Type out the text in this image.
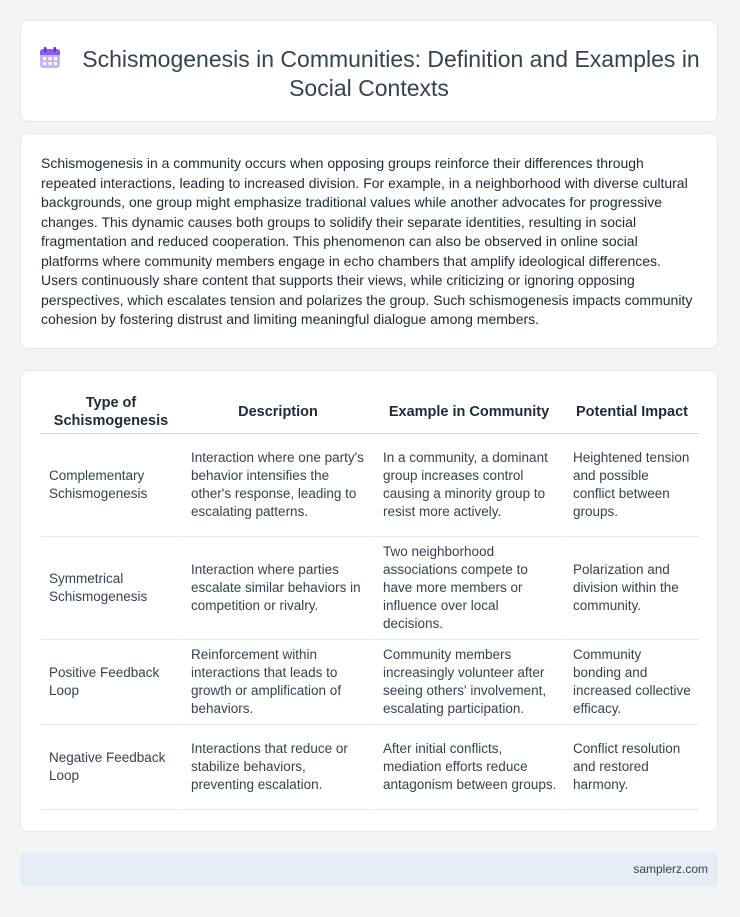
Schismogenesis in Communities: Definition and Examples in Social Contexts

Schismogenesis in a community occurs when opposing groups reinforce their differences through repeated interactions, leading to increased division. For example, in a neighborhood with diverse cultural backgrounds, one group might emphasize traditional values while another advocates for progressive changes. This dynamic causes both groups to solidify their separate identities, resulting in social fragmentation and reduced cooperation. This phenomenon can also be observed in online social platforms where community members engage in echo chambers that amplify ideological differences. Users continuously share content that supports their views, while criticizing or ignoring opposing perspectives, which escalates tension and polarizes the group. Such schismogenesis impacts community cohesion by fostering distrust and limiting meaningful dialogue among members.

Type of Schismogenesis	Description	Example in Community	Potential Impact
Complementary Schismogenesis	Interaction where one party's behavior intensifies the other's response, leading to escalating patterns.	In a community, a dominant group increases control causing a minority group to resist more actively.	Heightened tension and possible conflict between groups.
Symmetrical Schismogenesis	Interaction where parties escalate similar behaviors in competition or rivalry.	Two neighborhood associations compete to have more members or influence over local decisions.	Polarization and division within the community.
Positive Feedback Loop	Reinforcement within interactions that leads to growth or amplification of behaviors.	Community members increasingly volunteer after seeing others' involvement, escalating participation.	Community bonding and increased collective efficacy.
Negative Feedback Loop	Interactions that reduce or stabilize behaviors, preventing escalation.	After initial conflicts, mediation efforts reduce antagonism between groups.	Conflict resolution and restored harmony.
samplerz.com
